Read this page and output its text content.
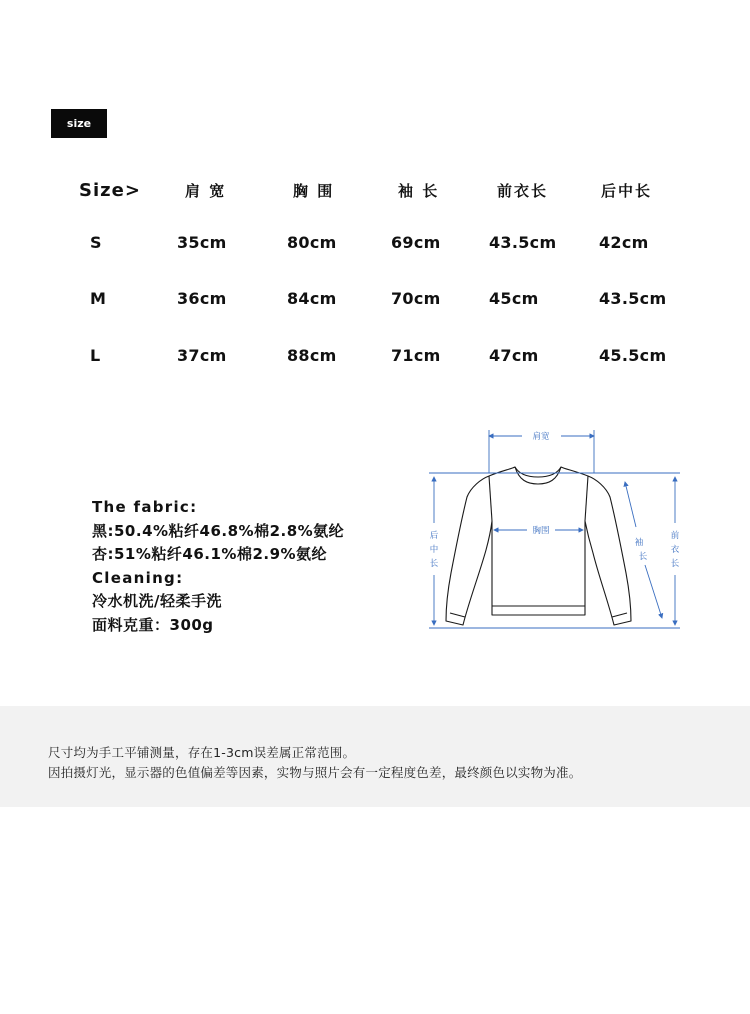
size
Size>	肩 宽	胸 围	袖 长	前衣长	后中长
S	35cm	80cm	69cm	43.5cm	42cm
M	36cm	84cm	70cm	45cm	43.5cm
L	37cm	88cm	71cm	47cm	45.5cm
The fabric:
黑:50.4%粘纤46.8%棉2.8%氨纶
杏:51%粘纤46.1%棉2.9%氨纶
Cleaning:
冷水机洗/轻柔手洗
面料克重：300g
肩宽
胸围
后
中
长
前
衣
长
袖
长
尺寸均为手工平铺测量，存在1-3cm误差属正常范围。
因拍摄灯光，显示器的色值偏差等因素，实物与照片会有一定程度色差，最终颜色以实物为准。
